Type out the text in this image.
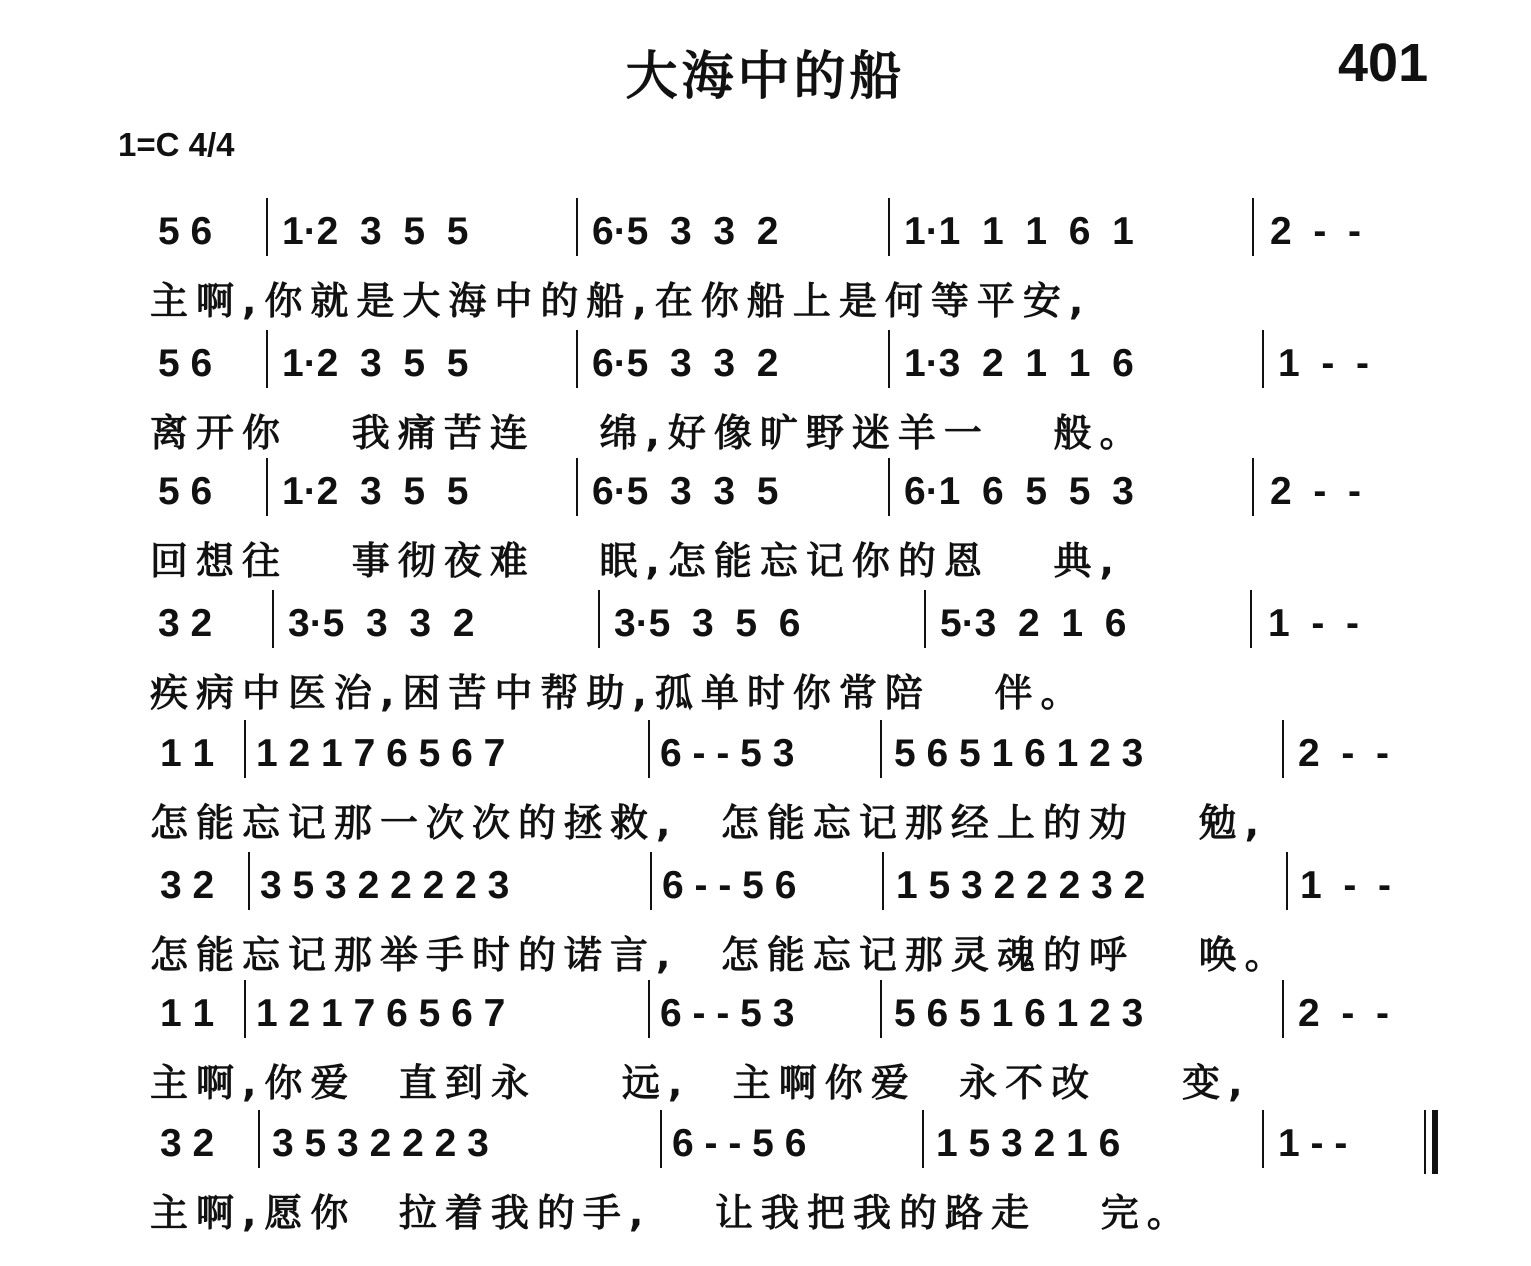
大海中的船	401
1=C 4/4
5 6 1·2  3  5  5	6·5  3  3  2	1·1  1  1  6  1	2  -  -
主啊,你就是大海中的船,在你船上是何等平安,
5 6 1·2  3  5  5	6·5  3  3  2	1·3  2  1  1  6	1  -  -
离开你   我痛苦连   绵,好像旷野迷羊一   般。
5 6 1·2  3  5  5	6·5  3  3  5	6·1  6  5  5  3	2  -  -
回想往   事彻夜难   眠,怎能忘记你的恩   典,
3 2 3·5  3  3  2	3·5  3  5  6	5·3  2  1  6	1  -  -
疾病中医治,困苦中帮助,孤单时你常陪   伴。
1 1 1 2 1 7 6 5 6 7	6 - - 5 3	5 6 5 1 6 1 2 3	2  -  -
怎能忘记那一次次的拯救,  怎能忘记那经上的劝   勉,
3 2 3 5 3 2 2 2 2 3	6 - - 5 6	1 5 3 2 2 2 3 2	1  -  -
怎能忘记那举手时的诺言,  怎能忘记那灵魂的呼   唤。
1 1 1 2 1 7 6 5 6 7	6 - - 5 3	5 6 5 1 6 1 2 3	2  -  -
主啊,你爱  直到永    远,  主啊你爱  永不改    变,
3 2 3 5 3 2 2 2 3	6 - - 5 6	1 5 3 2 1 6	1 - -
主啊,愿你  拉着我的手,   让我把我的路走   完。
